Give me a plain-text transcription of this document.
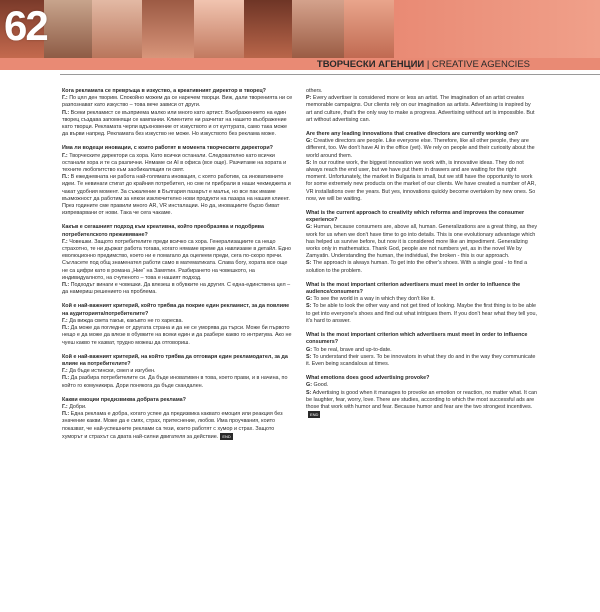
62
ТВОРЧЕСКИ АГЕНЦИИ | CREATIVE AGENCIES

Кога рекламата се превръща в изкуство, а креативният директор в творец?

Г.: По цял ден творим. Спокойно можем да се наречем творци. Виж, дали творенията ни се разпознават като изкуство – това вече зависи от други.

П.: Всеки рекламист се възприема малко или много като артист. Въображението на един творец създава запомнящи се кампании. Клиентите ни разчитат на нашето въображение като творци. Рекламата черпи вдъхновение от изкуството и от културата, само така може да върви напред. Рекламата без изкуство не може. Но изкуството без реклама може.

Има ли водещи иновации, с които работят в момента творческите директори?

Г.: Творческите директори са хора. Като всички останали. Следователно като всички останали хора и те са различни. Нямаме си AI в офиса (все още). Разчитаме на хората и техните любопитство към заобикалящия ги свят.

П.: В ежедневната ни работа най-голямата иновация, с която работим, са иновативните идеи. Те невинаги стигат до крайния потребител, но сме ги прибрали в наши чекмеджета и чакат удобния момент. За съжаление в България пазарът е малък, но все пак имаме възможност да работим за някои изключително нови продукти на пазара на нашия клиент. През годините сме правили много AR, VR инсталации. Но да, иновациите бързо биват изпреварвани от нови. Така че сега чакаме.

Какъв е сегашният подход към креативна, който преобразява и подобрява потребителското преживяване?

Г.: Човешки. Защото потребителите преди всичко са хора. Генерализациите са нещо страхотно, те ни държат работа тогава, когато нямаме време да навлизаме в детайл. Едно еволюционно предимство, което ни е помагало да оцелеем преди, сега по-скоро пречи. Съгласете под общ знаменател работи само в математиката. Слава богу, хората все още не са цифри като в романа „Ние“ на Замятин. Разбирането на човешкото, на индивидуалното, на счупеното – това е нашият подход.

П.: Подходът винаги е човешки. Да влезеш в обувките на другия. С една-единствена цел – да намериш решението на проблема.

Кой е най-важният критерий, който трябва да покрие един рекламист, за да повлияе на аудиторията/потребителите?

Г.: Да вижда света такъв, какъвто не го харесва.

П.: Да може да погледне от другата страна и да не се уморява да търси. Може би първото нещо е да може да влезе в обувките на всеки един и да разбере какво го интригува. Ако не чуеш какво те казват, трудно можеш да отговориш.

Кой е най-важният критерий, на който трябва да отговаря един рекламодател, за да влияе на потребителите?

Г.: Да бъде истински, смел и изгубен.

П.: Да разбира потребителите си. Да бъде иновативен в това, което прави, и в начина, по който го комуникира. Дори понякога да бъде скандален.

Какви емоции предизвиква добрата реклама?

Г.: Добри.

П.: Една реклама е добра, когато успее да предизвика каквато емоция или реакция без значение какви. Може да е смях, страх, притеснение, любов. Има проучвания, които показват, че най-успешните реклами са тези, които работят с хумор и страх. Защото хуморът и страхът са двата най-силни двигателя за действие. END

others.

P: Every advertiser is considered more or less an artist. The imagination of an artist creates memorable campaigns. Our clients rely on our imagination as artists. Advertising is inspired by art and culture, that's the only way to make a progress. Advertising without art is impossible. But art without advertising can.

Are there any leading innovations that creative directors are currently working on?

G: Creative directors are people. Like everyone else. Therefore, like all other people, they are different, too. We don't have AI in the office (yet). We rely on people and their curiosity about the world around them.

S: In our routine work, the biggest innovation we work with, is innovative ideas. They do not always reach the end user, but we have put them in drawers and are waiting for the right moment. Unfortunately, the market in Bulgaria is small, but we still have the opportunity to work for some extremely new products on the market of our clients. We have created a number of AR, VR installations over the years. But yes, innovations quickly become overtaken by new ones. So now, we will be waiting.

What is the current approach to creativity which reforms and improves the consumer experience?

G: Human, because consumers are, above all, human. Generalizations are a great thing, as they work for us when we don't have time to go into details. This is one evolutionary advantage which has helped us survive before, but now it is considered more like an impediment. Generalizing works only in mathematics. Thank God, people are not numbers yet, as in the novel We by Zamyatin. Understanding the human, the individual, the broken - this is our approach.

S: The approach is always human. To get into the other's shoes. With a single goal - to find a solution to the problem.

What is the most important criterion advertisers must meet in order to influence the audience/consumers?

G: To see the world in a way in which they don't like it.

S: To be able to look the other way and not get tired of looking. Maybe the first thing is to be able to get into everyone's shoes and find out what intrigues them. If you don't hear what they tell you, it's hard to answer.

What is the most important criterion which advertisers must meet in order to influence consumers?

G: To be real, brave and up-to-date.

S: To understand their users. To be innovators in what they do and in the way they communicate it. Even being scandalous at times.

What emotions does good advertising provoke?

G: Good.

S: Advertising is good when it manages to provoke an emotion or reaction, no matter what. It can be laughter, fear, worry, love. There are studies, according to which the most successful ads are those that work with humor and fear. Because humor and fear are the two strongest incentives.END
